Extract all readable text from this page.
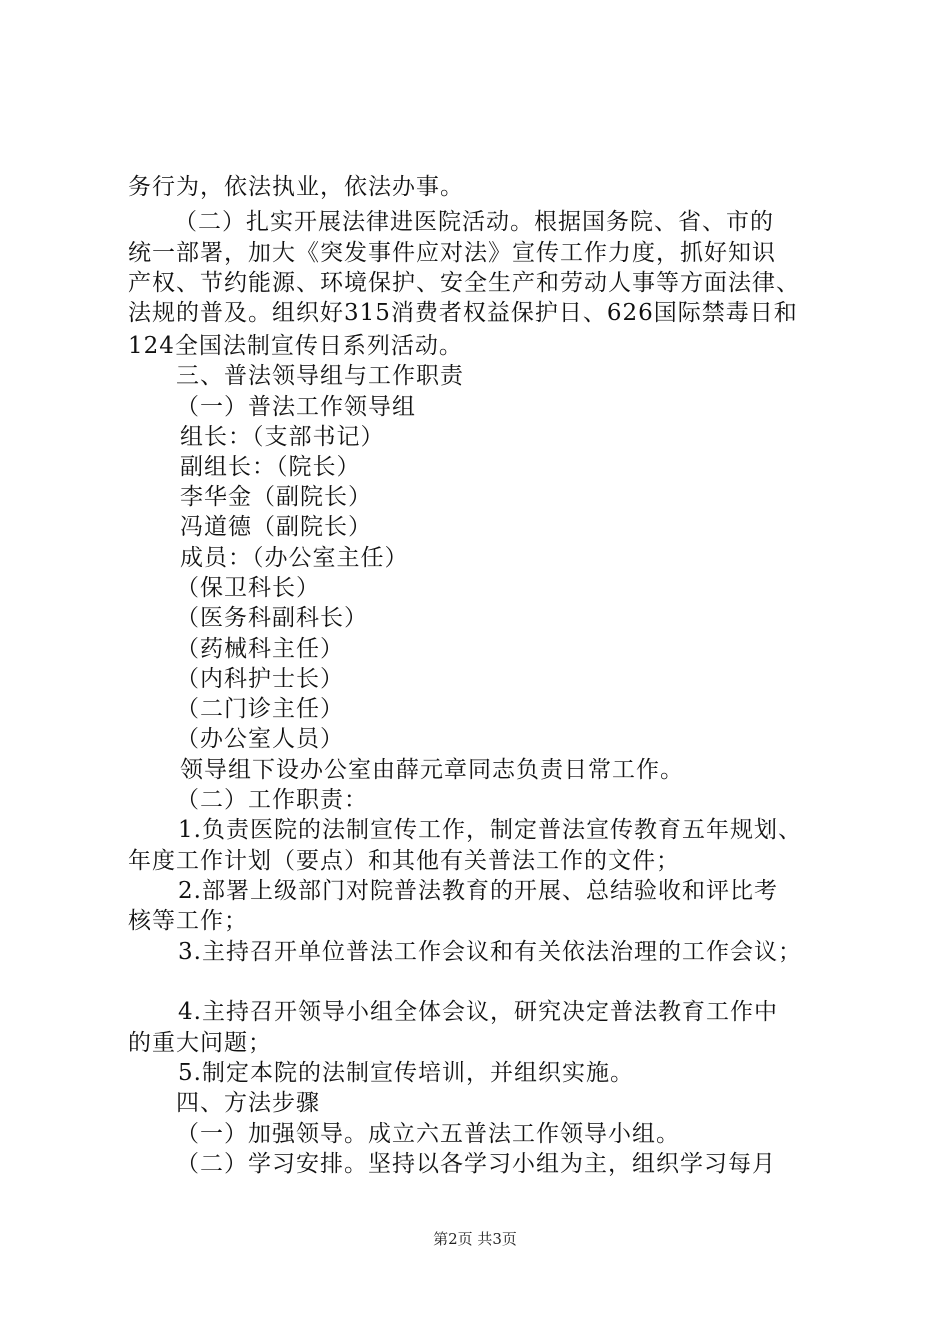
务行为，依法执业，依法办事。
（二）扎实开展法律进医院活动。根据国务院、省、市的
统一部署，加大《突发事件应对法》宣传工作力度，抓好知识
产权、节约能源、环境保护、安全生产和劳动人事等方面法律、
法规的普及。组织好315消费者权益保护日、626国际禁毒日和
124全国法制宣传日系列活动。
三、普法领导组与工作职责
（一）普法工作领导组
组长：（支部书记）
副组长：（院长）
李华金（副院长）
冯道德（副院长）
成员：（办公室主任）
（保卫科长）
（医务科副科长）
（药械科主任）
（内科护士长）
（二门诊主任）
（办公室人员）
领导组下设办公室由薛元章同志负责日常工作。
（二）工作职责：
1.负责医院的法制宣传工作，制定普法宣传教育五年规划、
年度工作计划（要点）和其他有关普法工作的文件；
2.部署上级部门对院普法教育的开展、总结验收和评比考
核等工作；
3.主持召开单位普法工作会议和有关依法治理的工作会议；
4.主持召开领导小组全体会议，研究决定普法教育工作中
的重大问题；
5.制定本院的法制宣传培训，并组织实施。
四、方法步骤
（一）加强领导。成立六五普法工作领导小组。
（二）学习安排。坚持以各学习小组为主，组织学习每月
第2页 共3页
